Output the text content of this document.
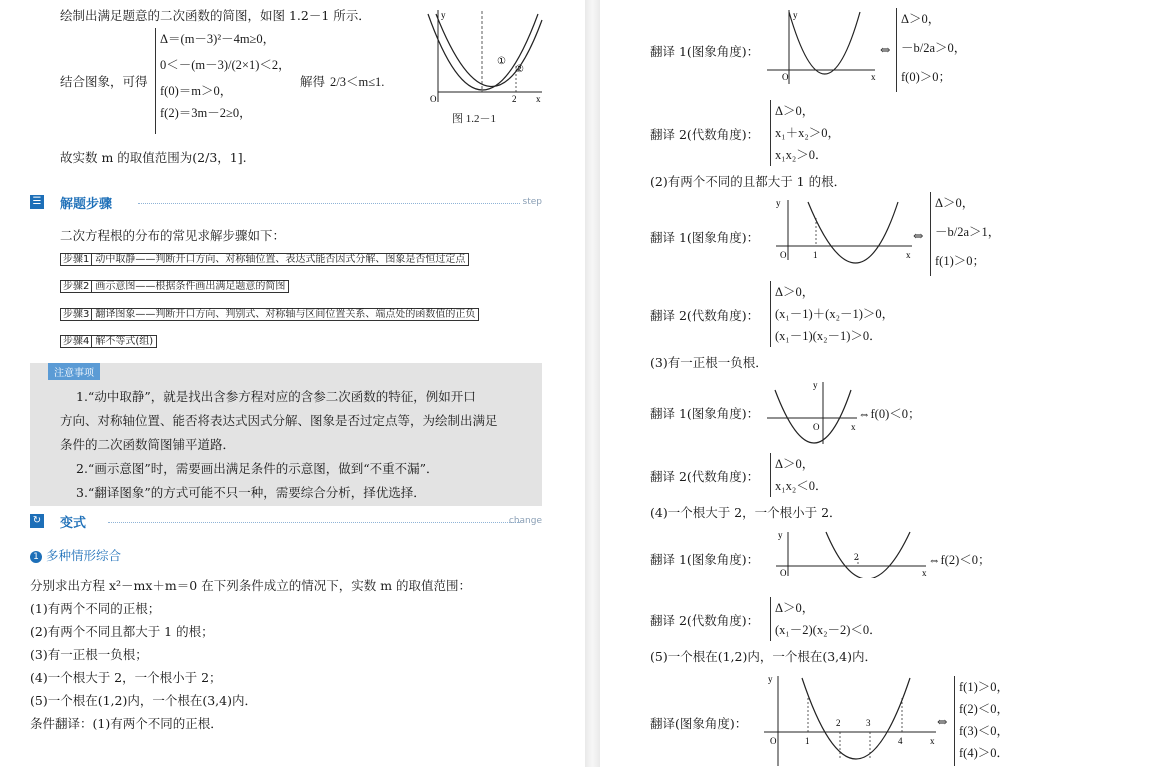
绘制出满足题意的二次函数的简图，如图 1.2－1 所示．
结合图象，可得
Δ＝(m－3)²－4m≥0，
0＜－(m－3)/(2×1)＜2，
f(0)＝m＞0，
f(2)＝3m－2≥0，
解得 2/3＜m≤1.
故实数 m 的取值范围为(2/3，1].
y
x
O	2
①
②
图 1.2－1
☰ 解题步骤	step
二次方程根的分布的常见求解步骤如下：
步骤1 动中取静——判断开口方向、对称轴位置、表达式能否因式分解、图象是否恒过定点
步骤2 画示意图——根据条件画出满足题意的简图
步骤3 翻译图象——判断开口方向、判别式、对称轴与区间位置关系、端点处的函数值的正负
步骤4 解不等式(组)
注意事项
1.“动中取静”，就是找出含参方程对应的含参二次函数的特征，例如开口
方向、对称轴位置、能否将表达式因式分解、图象是否过定点等，为绘制出满足
条件的二次函数简图铺平道路．
2.“画示意图”时，需要画出满足条件的示意图，做到“不重不漏”．
3.“翻译图象”的方式可能不只一种，需要综合分析，择优选择．
↻ 变式	change
1 多种情形综合
分别求出方程 x²－mx＋m＝0 在下列条件成立的情况下，实数 m 的取值范围：
(1)有两个不同的正根；
(2)有两个不同且都大于 1 的根；
(3)有一正根一负根；
(4)一个根大于 2，一个根小于 2；
(5)一个根在(1,2)内，一个根在(3,4)内．
条件翻译：(1)有两个不同的正根．
翻译 1(图象角度)：
y
x
O
⇔
Δ＞0，
－b/2a＞0，
f(0)＞0；
翻译 2(代数角度)：
Δ＞0，
x₁＋x₂＞0，
x₁x₂＞0．
(2)有两个不同的且都大于 1 的根．
翻译 1(图象角度)：
y
x
O	1
⇔
Δ＞0，
－b/2a＞1，
f(1)＞0；
翻译 2(代数角度)：
Δ＞0，
(x₁－1)＋(x₂－1)＞0，
(x₁－1)(x₂－1)＞0．
(3)有一正根一负根．
翻译 1(图象角度)：
y
x
O
⇔f(0)＜0；
翻译 2(代数角度)：
Δ＞0，
x₁x₂＜0．
(4)一个根大于 2，一个根小于 2．
翻译 1(图象角度)：
y
x
O
2	⇔f(2)＜0；
翻译 2(代数角度)：
Δ＞0，
(x₁－2)(x₂－2)＜0．
(5)一个根在(1,2)内，一个根在(3,4)内．
翻译(图象角度)：
y
x
O	1
2	3
4
⇔
f(1)＞0，
f(2)＜0，
f(3)＜0，
f(4)＞0．
